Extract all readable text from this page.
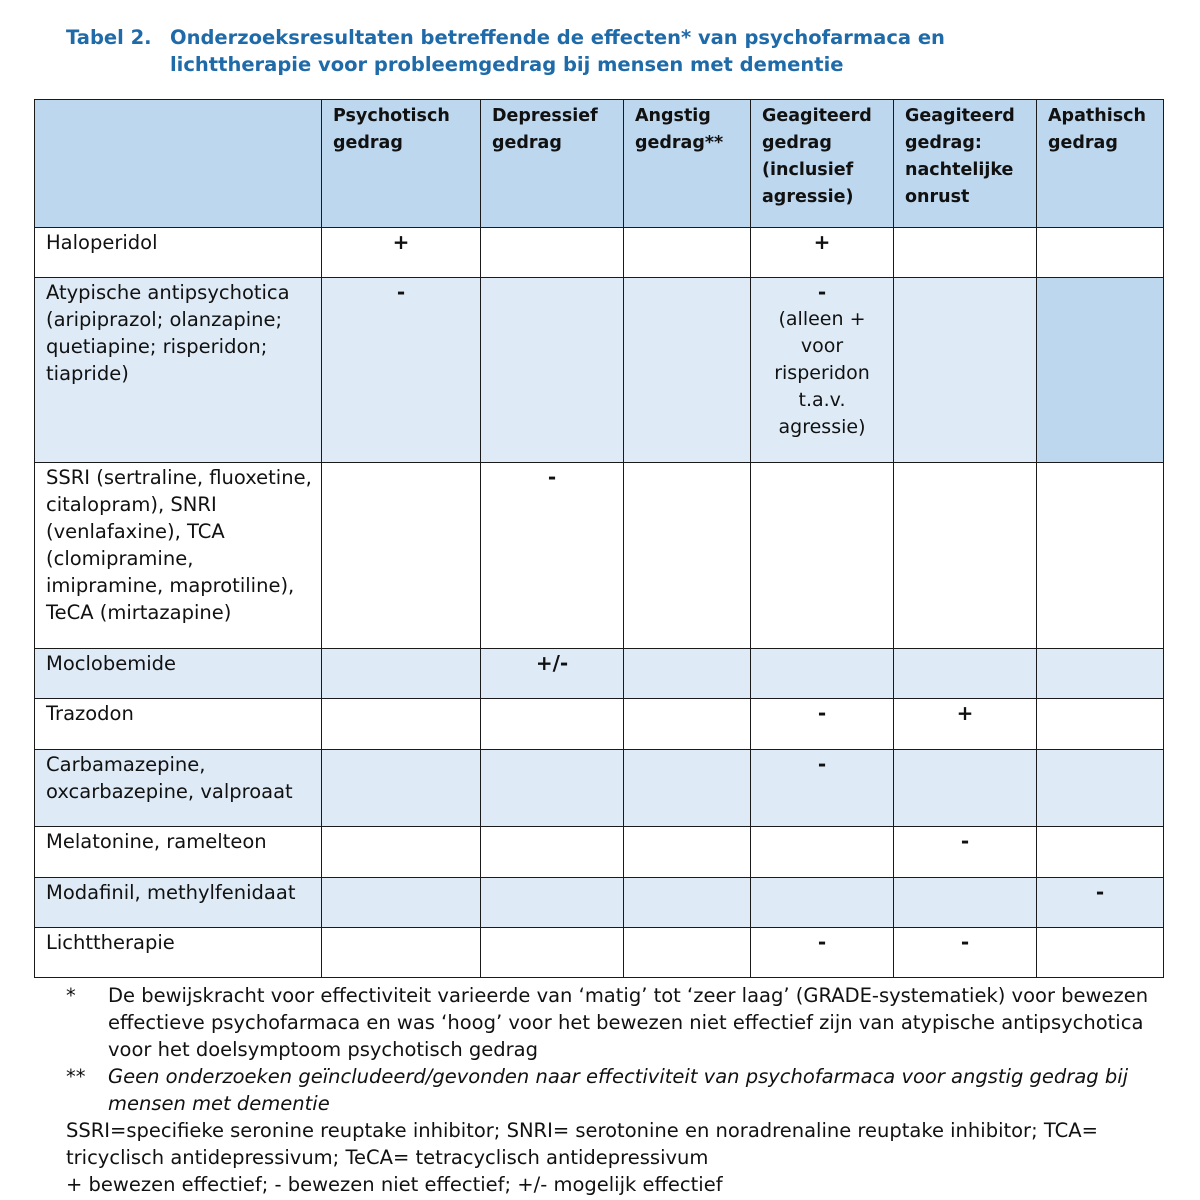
Tabel 2. Onderzoeksresultaten betreffende de effecten* van psychofarmaca en
lichttherapie voor probleemgedrag bij mensen met dementie
	Psychotisch gedrag	Depressief gedrag	Angstig gedrag**	Geagiteerd gedrag (inclusief agressie)	Geagiteerd gedrag: nachtelijke onrust	Apathisch gedrag
Haloperidol	+			+		
Atypische antipsychotica (aripiprazol; olanzapine; quetiapine; risperidon; tiapride)	-			-
(alleen + voor risperidon t.a.v. agressie)		

SSRI (sertraline, fluoxetine, citalopram), SNRI (venlafaxine), TCA (clomipramine, imipramine, maprotiline), TeCA (mirtazapine)		-				
Moclobemide		+/-				
Trazodon				-	+	
Carbamazepine, oxcarbazepine, valproaat				-		
Melatonine, ramelteon					-	
Modafinil, methylfenidaat						-
Lichttherapie				-	-	
*	De bewijskracht voor effectiviteit varieerde van ‘matig’ tot ‘zeer laag’ (GRADE-systematiek) voor bewezen effectieve psychofarmaca en was ‘hoog’ voor het bewezen niet effectief zijn van atypische antipsychotica voor het doelsymptoom psychotisch gedrag
**	Geen onderzoeken geïncludeerd/gevonden naar effectiviteit van psychofarmaca voor angstig gedrag bij mensen met dementie
SSRI=specifieke seronine reuptake inhibitor; SNRI= serotonine en noradrenaline reuptake inhibitor; TCA= tricyclisch antidepressivum; TeCA= tetracyclisch antidepressivum
+ bewezen effectief; - bewezen niet effectief; +/- mogelijk effectief
